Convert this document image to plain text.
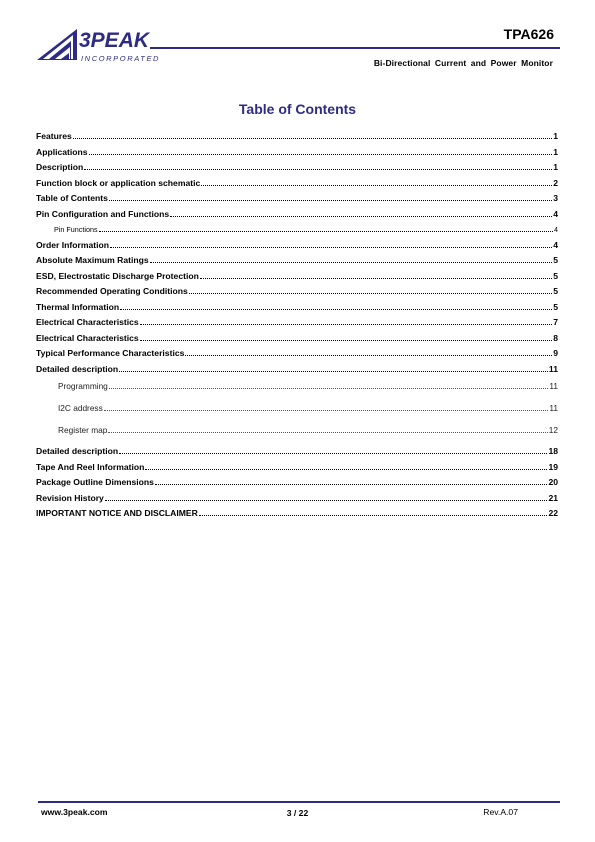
3PEAK
INCORPORATED
TPA626
Bi-Directional Current and Power Monitor
Table of Contents
Features	1
Applications	1
Description	1
Function block or application schematic	2
Table of Contents	3
Pin Configuration and Functions	4
Pin Functions	4
Order Information	4
Absolute Maximum Ratings	5
ESD, Electrostatic Discharge Protection	5
Recommended Operating Conditions	5
Thermal Information	5
Electrical Characteristics	7
Electrical Characteristics	8
Typical Performance Characteristics	9
Detailed description	11
Programming	11
I2C address	11
Register map	12
Detailed description	18
Tape And Reel Information	19
Package Outline Dimensions	20
Revision History	21
IMPORTANT NOTICE AND DISCLAIMER	22
www.3peak.com	3 / 22	Rev.A.07
